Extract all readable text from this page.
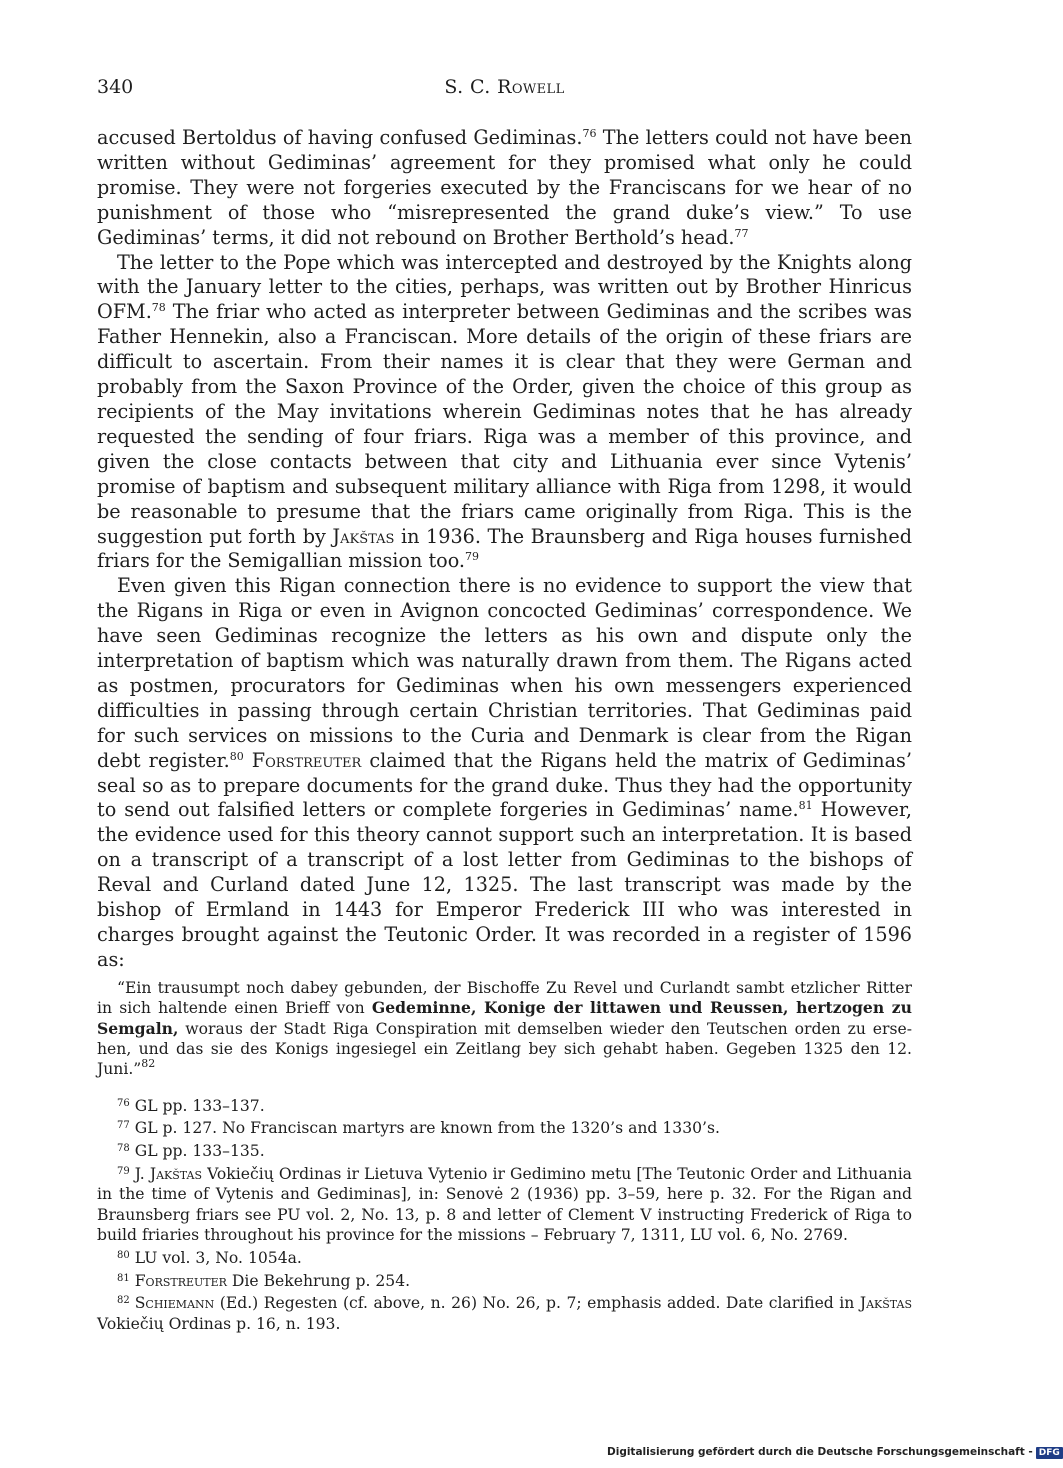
340	S. C. Rowell

accused Bertoldus of having confused Gediminas.$^{76}$ The letters could not have been written without Gediminas’ agreement for they promised what only he could promise. They were not forgeries executed by the Franciscans for we hear of no punishment of those who “misrepresented the grand duke’s view.” To use Gediminas’ terms, it did not rebound on Brother Berthold’s head.$^{77}$

The letter to the Pope which was intercepted and destroyed by the Knights along with the January letter to the cities, perhaps, was written out by Brother Hinricus OFM.$^{78}$ The friar who acted as interpreter between Gediminas and the scribes was Father Hennekin, also a Franciscan. More details of the origin of these friars are difficult to ascertain. From their names it is clear that they were German and probably from the Saxon Province of the Order, given the choice of this group as recipients of the May invitations wherein Gediminas notes that he has already requested the sending of four friars. Riga was a member of this province, and given the close contacts between that city and Lithuania ever since Vytenis’ promise of baptism and subsequent military alliance with Riga from 1298, it would be reasonable to presume that the friars came originally from Riga. This is the suggestion put forth by Jakštas in 1936. The Braunsberg and Riga houses furnished friars for the Semigallian mission too.$^{79}$

Even given this Rigan connection there is no evidence to support the view that the Rigans in Riga or even in Avignon concocted Gediminas’ correspondence. We have seen Gediminas recognize the letters as his own and dispute only the interpretation of baptism which was naturally drawn from them. The Rigans acted as postmen, procurators for Gediminas when his own messengers experienced difficulties in passing through certain Christian territories. That Gediminas paid for such services on missions to the Curia and Denmark is clear from the Rigan debt register.$^{80}$ Forstreuter claimed that the Rigans held the matrix of Gediminas’ seal so as to prepare documents for the grand duke. Thus they had the opportunity to send out falsified letters or complete forgeries in Gediminas’ name.$^{81}$ However, the evidence used for this theory cannot support such an interpretation. It is based on a transcript of a transcript of a lost letter from Gediminas to the bishops of Reval and Curland dated June 12, 1325. The last transcript was made by the bishop of Ermland in 1443 for Emperor Frederick III who was interested in charges brought against the Teutonic Order. It was recorded in a register of 1596 as:

“Ein trausumpt noch dabey gebunden, der Bischoffe Zu Revel und Curlandt sambt etzlicher Ritter in sich haltende einen Brieff von Gedeminne, Konige der littawen und Reussen, hertzogen zu Semgaln, woraus der Stadt Riga Conspiration mit demselben wieder den Teutschen orden zu ersehen, und das sie des Konigs ingesiegel ein Zeitlang bey sich gehabt haben. Gegeben 1325 den 12. Juni.”$^{82}$
$^{76}$ GL pp. 133–137.
$^{77}$ GL p. 127. No Franciscan martyrs are known from the 1320’s and 1330’s.
$^{78}$ GL pp. 133–135.
$^{79}$ J. Jakštas Vokiečių Ordinas ir Lietuva Vytenio ir Gedimino metu [The Teutonic Order and Lithuania in the time of Vytenis and Gediminas], in: Senovė 2 (1936) pp. 3–59, here p. 32. For the Rigan and Braunsberg friars see PU vol. 2, No. 13, p. 8 and letter of Clement V instructing Frederick of Riga to build friaries throughout his province for the missions – February 7, 1311, LU vol. 6, No. 2769.
$^{80}$ LU vol. 3, No. 1054a.
$^{81}$ Forstreuter Die Bekehrung p. 254.
$^{82}$ Schiemann (Ed.) Regesten (cf. above, n. 26) No. 26, p. 7; emphasis added. Date clarified in Jakštas Vokiečių Ordinas p. 16, n. 193.
Digitalisierung gefördert durch die Deutsche Forschungsgemeinschaft - DFG
